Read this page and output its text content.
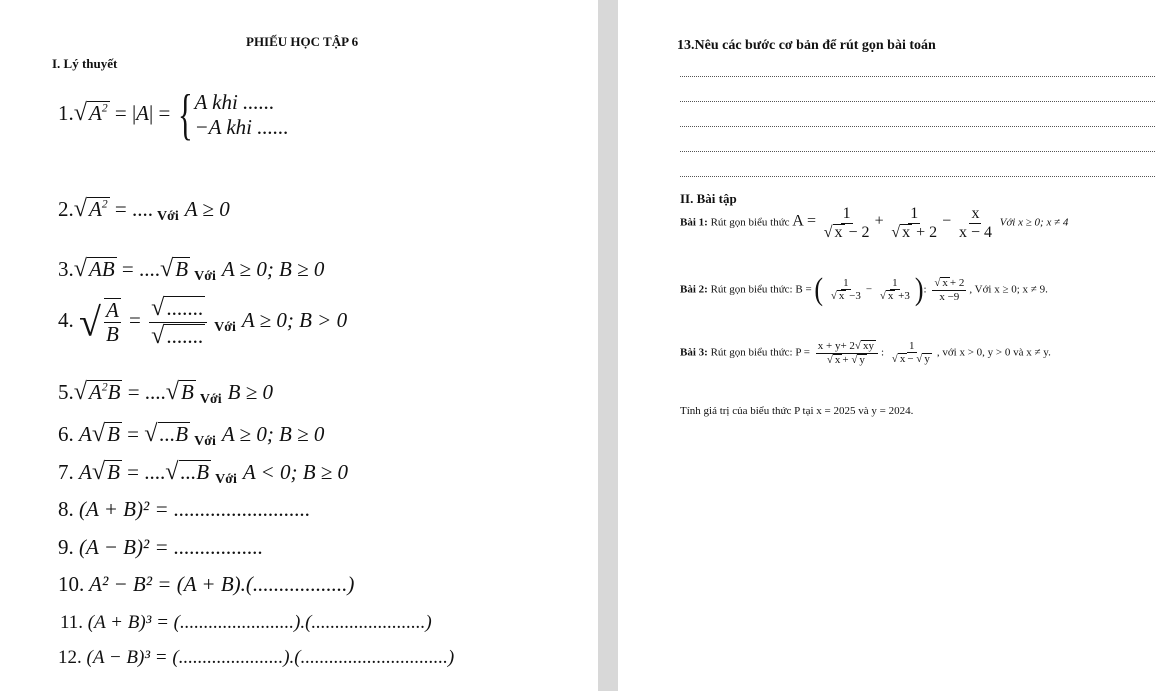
PHIẾU HỌC TẬP 6
I. Lý thuyết
$1.√A^2 = |A|$ = { A khi ......
−A khi ......
$2.√A^2$ = .... Với A ≥ 0
3.√AB = ....√B Với A ≥ 0; B ≥ 0
4. √ $\frac{A}{B} = \frac{√.......}{√.......}$ Với A ≥ 0; B > 0
$5.√A^2B = ....√B$ Với B ≥ 0
6. A√B = √...B Với A ≥ 0; B ≥ 0
7. A√B = ....√...B Với A < 0; B ≥ 0
8. (A + B)² = ..........................
9. (A − B)² = .................
10. A² − B² = (A + B).(..................)
11. (A + B)³ = (........................).(........................)
12. (A − B)³ = (......................).(...............................)
13.Nêu các bước cơ bản để rút gọn bài toán
II. Bài tập
Bài 1: Rút gọn biểu thức $A = \frac{1}{√ x - 2} + \frac{1}{√ x + 2} - \frac{x}{x - 4}$ Với x ≥ 0; x ≠ 4
Bài 2: Rút gọn biểu thức: B = ( $\frac{1}{√ x -3} - \frac{1}{√ x +3}$ ): $\frac{√ x + 2}{x -9}$ , Với x ≥ 0; x ≠ 9.
Bài 3: Rút gọn biểu thức: $P = \frac{x + y+ 2√ xy}{√ x + √ y}$ : $\frac{1}{√ x - √ y}$ , với x > 0, y > 0 và x ≠ y.
Tính giá trị của biểu thức P tại x = 2025 và y = 2024.
